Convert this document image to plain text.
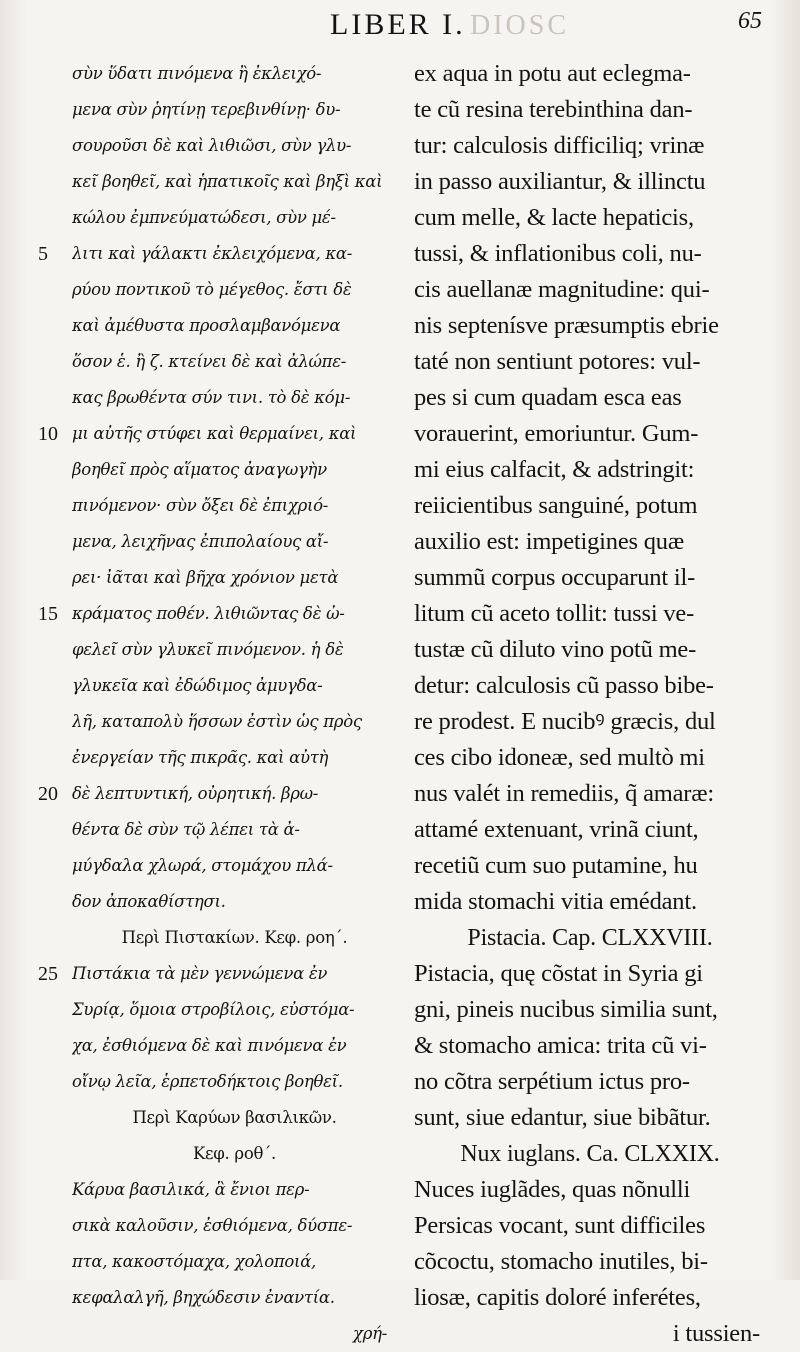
LIBER I. DIOSC	65
5
10
15
20
25
σὺν ὕδατι πινόμενα ἢ ἐκλειχό-
μενα σὺν ῥητίνῃ τερεβινθίνῃ· δυ-
σουροῦσι δὲ καὶ λιθιῶσι, σὺν γλυ-
κεῖ βοηθεῖ, καὶ ἡπατικοῖς καὶ βηξὶ καὶ
κώλου ἐμπνεύματώδεσι, σὺν μέ-
λιτι καὶ γάλακτι ἐκλειχόμενα, κα-
ρύου ποντικοῦ τὸ μέγεθος. ἔστι δὲ
καὶ ἀμέθυστα προσλαμβανόμενα
ὅσον ἑ. ἢ ζ. κτείνει δὲ καὶ ἀλώπε-
κας βρωθέντα σύν τινι. τὸ δὲ κόμ-
μι αὐτῆς στύφει καὶ θερμαίνει, καὶ
βοηθεῖ πρὸς αἵματος ἀναγωγὴν
πινόμενον· σὺν ὄξει δὲ ἐπιχριό-
μενα, λειχῆνας ἐπιπολαίους αἴ-
ρει· ἰᾶται καὶ βῆχα χρόνιον μετὰ
κράματος ποθέν. λιθιῶντας δὲ ὠ-
φελεῖ σὺν γλυκεῖ πινόμενον. ἡ δὲ
γλυκεῖα καὶ ἐδώδιμος ἀμυγδα-
λῆ, καταπολὺ ἥσσων ἐστὶν ὡς πρὸς
ἐνεργείαν τῆς πικρᾶς. καὶ αὐτὴ
δὲ λεπτυντική, οὐρητική. βρω-
θέντα δὲ σὺν τῷ λέπει τὰ ἀ-
μύγδαλα χλωρά, στομάχου πλά-
δον ἀποκαθίστησι.
Περὶ Πιστακίων. Κεφ. ροη΄.
Πιστάκια τὰ μὲν γεννώμενα ἐν
Συρίᾳ, ὅμοια στροβίλοις, εὐστόμα-
χα, ἐσθιόμενα δὲ καὶ πινόμενα ἐν
οἴνῳ λεῖα, ἑρπετοδήκτοις βοηθεῖ.
Περὶ Καρύων βασιλικῶν.
Κεφ. ροθ΄.
Κάρυα βασιλικά, ἃ ἔνιοι περ-
σικὰ καλοῦσιν, ἐσθιόμενα, δύσπε-
πτα, κακοστόμαχα, χολοποιά,
κεφαλαλγῆ, βηχώδεσιν ἐναντία.
χρή-
ex aqua in potu aut eclegma-
te cũ resina terebinthina dan-
tur: calculosis difficiliq; vrinæ
in passo auxiliantur, & illinctu
cum melle, & lacte hepaticis,
tussi, & inflationibus coli, nu-
cis auellanæ magnitudine: qui-
nis septenísve præsumptis ebrie
taté non sentiunt potores: vul-
pes si cum quadam esca eas
vorauerint, emoriuntur. Gum-
mi eius calfacit, & adstringit:
reiicientibus sanguiné, potum
auxilio est: impetigines quæ
summũ corpus occuparunt il-
litum cũ aceto tollit: tussi ve-
tustæ cũ diluto vino potũ me-
detur: calculosis cũ passo bibe-
re prodest. E nucibꝰ græcis, dul
ces cibo idoneæ, sed multò mi
nus valét in remediis, q̃ amaræ:
attamé extenuant, vrinã ciunt,
recetiũ cum suo putamine, hu
mida stomachi vitia emédant.
Pistacia. Cap. CLXXVIII.
Pistacia, quę cõstat in Syria gi
gni, pineis nucibus similia sunt,
& stomacho amica: trita cũ vi-
no cõtra serpétium ictus pro-
sunt, siue edantur, siue bibãtur.
Nux iuglans. Ca. CLXXIX.
Nuces iuglãdes, quas nõnulli
Persicas vocant, sunt difficiles
cõcoctu, stomacho inutiles, bi-
liosæ, capitis doloré inferétes,
i tussien-
